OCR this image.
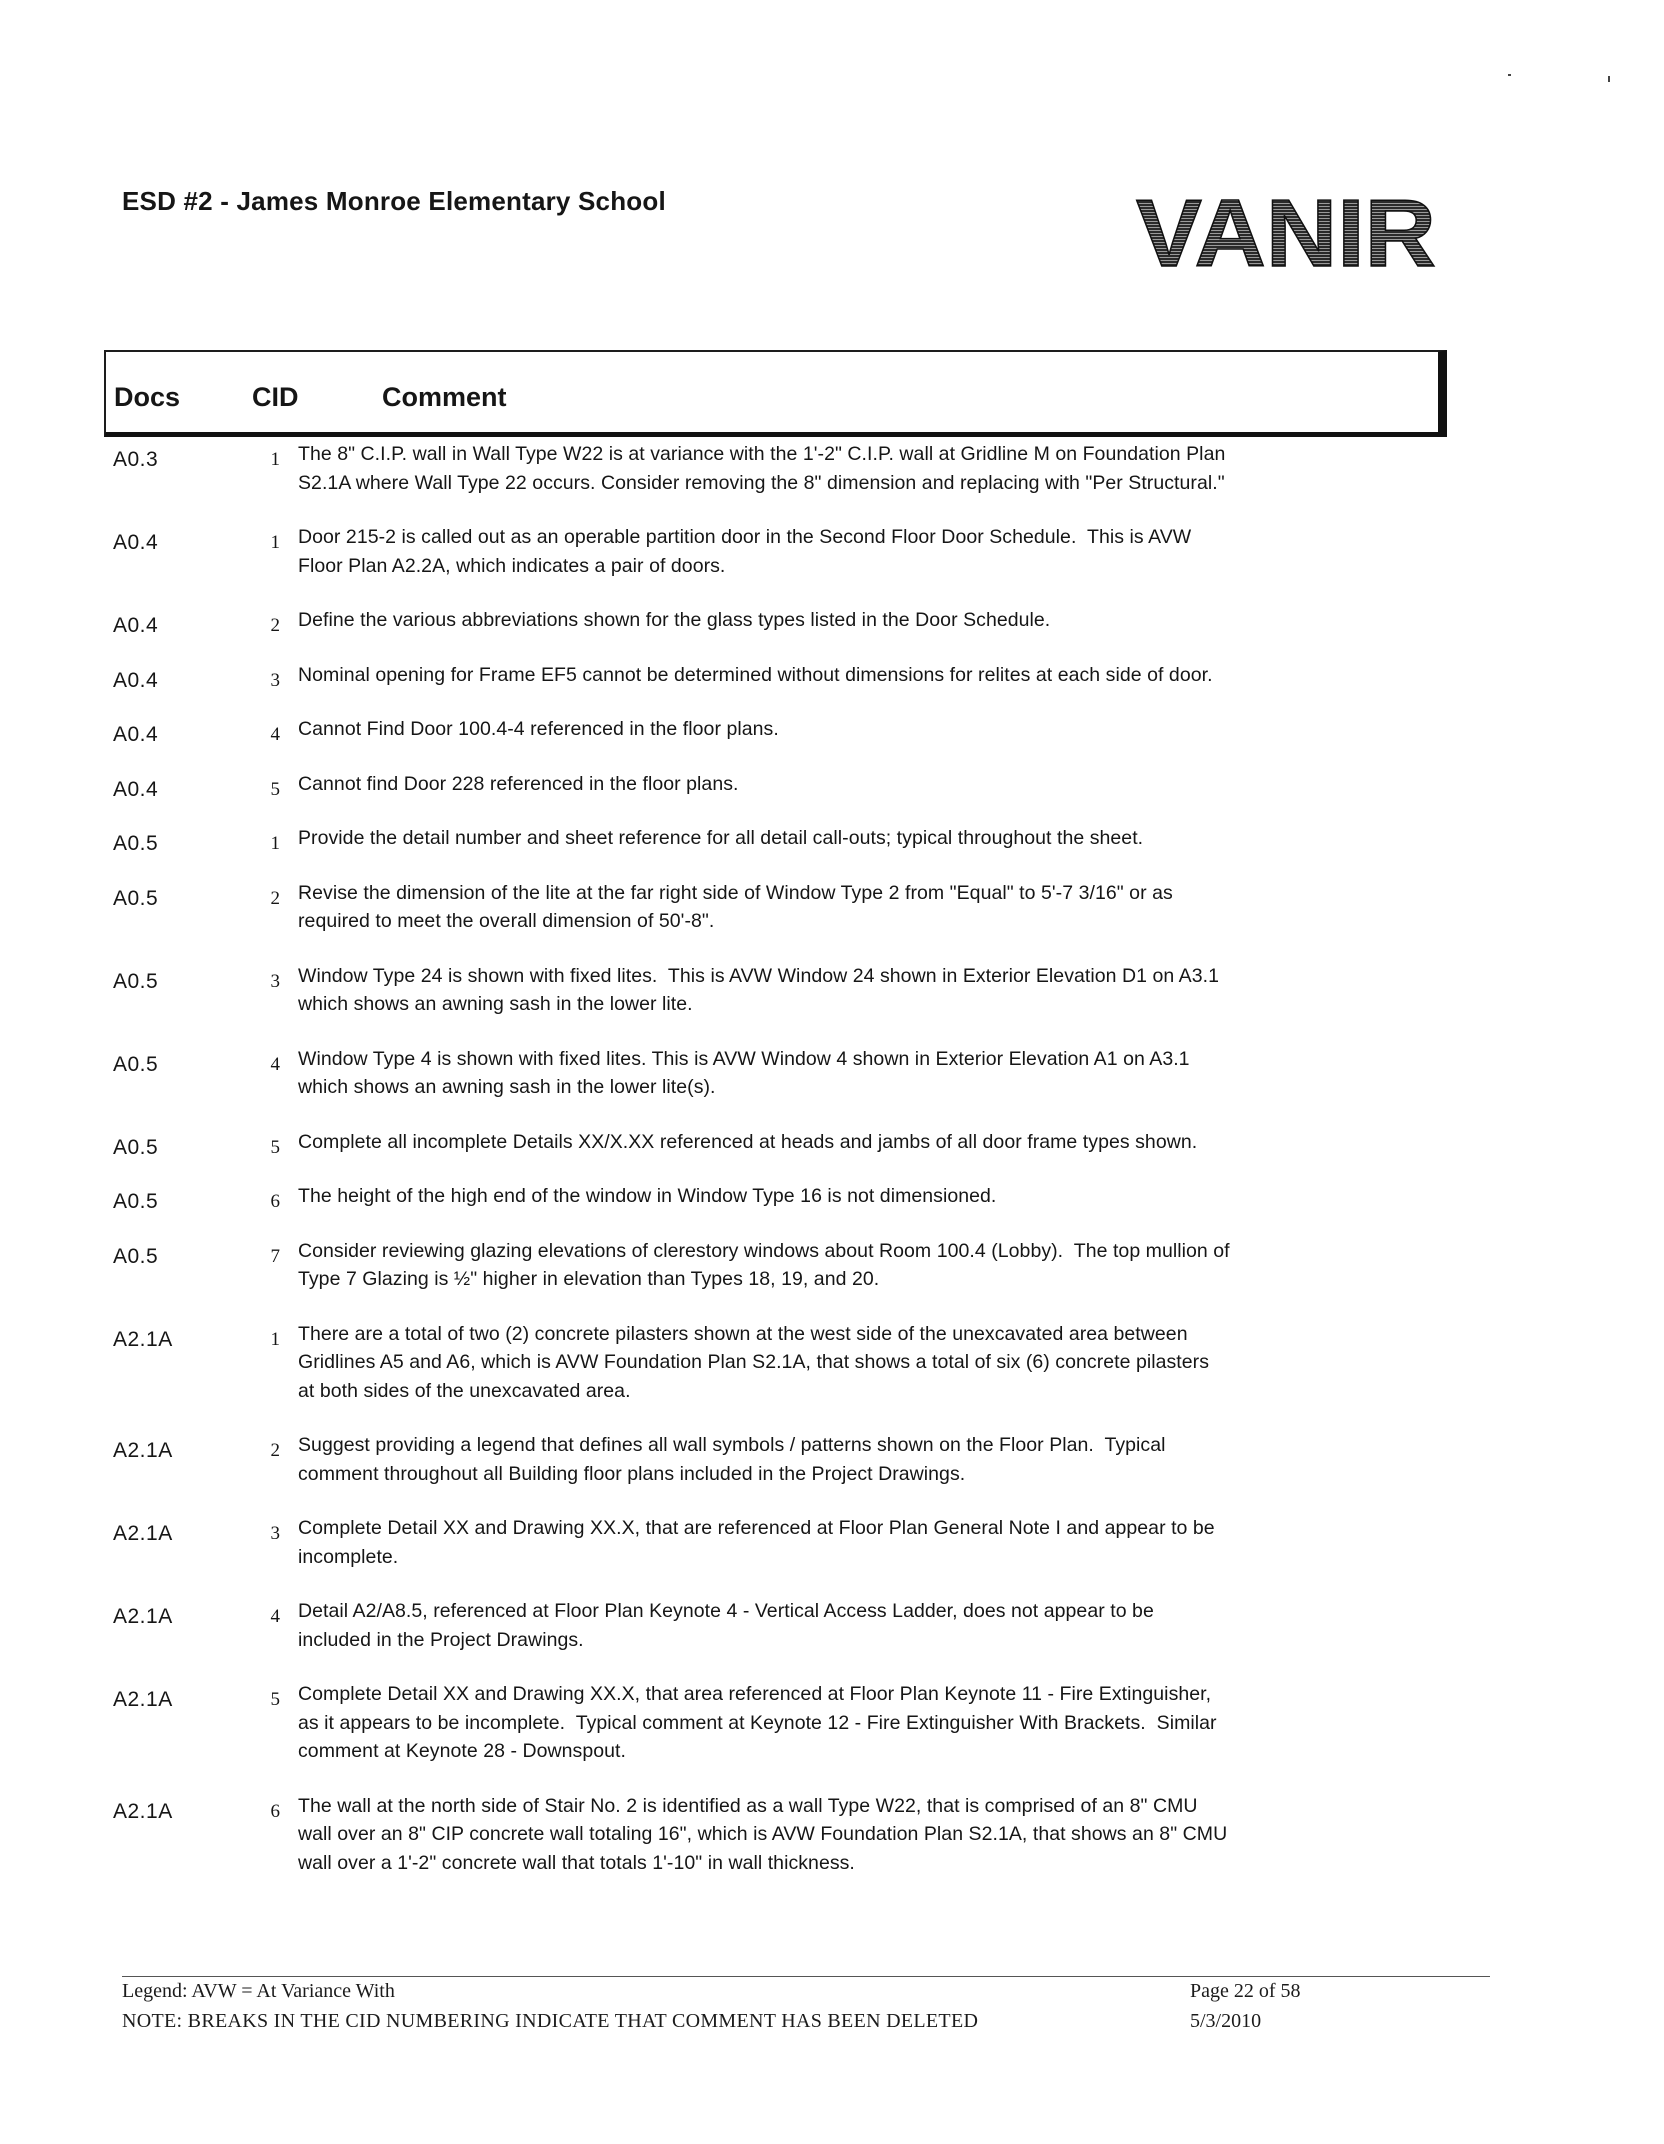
ESD #2 - James Monroe Elementary School	VANIR
Docs	CID	Comment
A0.3	1 The 8" C.I.P. wall in Wall Type W22 is at variance with the 1'-2" C.I.P. wall at Gridline M on Foundation Plan
S2.1A where Wall Type 22 occurs. Consider removing the 8" dimension and replacing with "Per Structural."
A0.4	1 Door 215-2 is called out as an operable partition door in the Second Floor Door Schedule.  This is AVW
Floor Plan A2.2A, which indicates a pair of doors.
A0.4	2 Define the various abbreviations shown for the glass types listed in the Door Schedule.
A0.4	3 Nominal opening for Frame EF5 cannot be determined without dimensions for relites at each side of door.
A0.4	4 Cannot Find Door 100.4-4 referenced in the floor plans.
A0.4	5 Cannot find Door 228 referenced in the floor plans.
A0.5	1 Provide the detail number and sheet reference for all detail call-outs; typical throughout the sheet.
A0.5	2 Revise the dimension of the lite at the far right side of Window Type 2 from "Equal" to 5'-7 3/16" or as
required to meet the overall dimension of 50'-8".
A0.5	3 Window Type 24 is shown with fixed lites.  This is AVW Window 24 shown in Exterior Elevation D1 on A3.1
which shows an awning sash in the lower lite.
A0.5	4 Window Type 4 is shown with fixed lites. This is AVW Window 4 shown in Exterior Elevation A1 on A3.1
which shows an awning sash in the lower lite(s).
A0.5	5 Complete all incomplete Details XX/X.XX referenced at heads and jambs of all door frame types shown.
A0.5	6 The height of the high end of the window in Window Type 16 is not dimensioned.
A0.5	7 Consider reviewing glazing elevations of clerestory windows about Room 100.4 (Lobby).  The top mullion of
Type 7 Glazing is ½" higher in elevation than Types 18, 19, and 20.
A2.1A	1 There are a total of two (2) concrete pilasters shown at the west side of the unexcavated area between
Gridlines A5 and A6, which is AVW Foundation Plan S2.1A, that shows a total of six (6) concrete pilasters
at both sides of the unexcavated area.
A2.1A	2 Suggest providing a legend that defines all wall symbols / patterns shown on the Floor Plan.  Typical
comment throughout all Building floor plans included in the Project Drawings.
A2.1A	3 Complete Detail XX and Drawing XX.X, that are referenced at Floor Plan General Note I and appear to be
incomplete.
A2.1A	4 Detail A2/A8.5, referenced at Floor Plan Keynote 4 - Vertical Access Ladder, does not appear to be
included in the Project Drawings.
A2.1A	5 Complete Detail XX and Drawing XX.X, that area referenced at Floor Plan Keynote 11 - Fire Extinguisher,
as it appears to be incomplete.  Typical comment at Keynote 12 - Fire Extinguisher With Brackets.  Similar
comment at Keynote 28 - Downspout.
A2.1A	6 The wall at the north side of Stair No. 2 is identified as a wall Type W22, that is comprised of an 8" CMU
wall over an 8" CIP concrete wall totaling 16", which is AVW Foundation Plan S2.1A, that shows an 8" CMU
wall over a 1'-2" concrete wall that totals 1'-10" in wall thickness.
Legend: AVW = At Variance With
NOTE: BREAKS IN THE CID NUMBERING INDICATE THAT COMMENT HAS BEEN DELETED
Page 22 of 58
5/3/2010
